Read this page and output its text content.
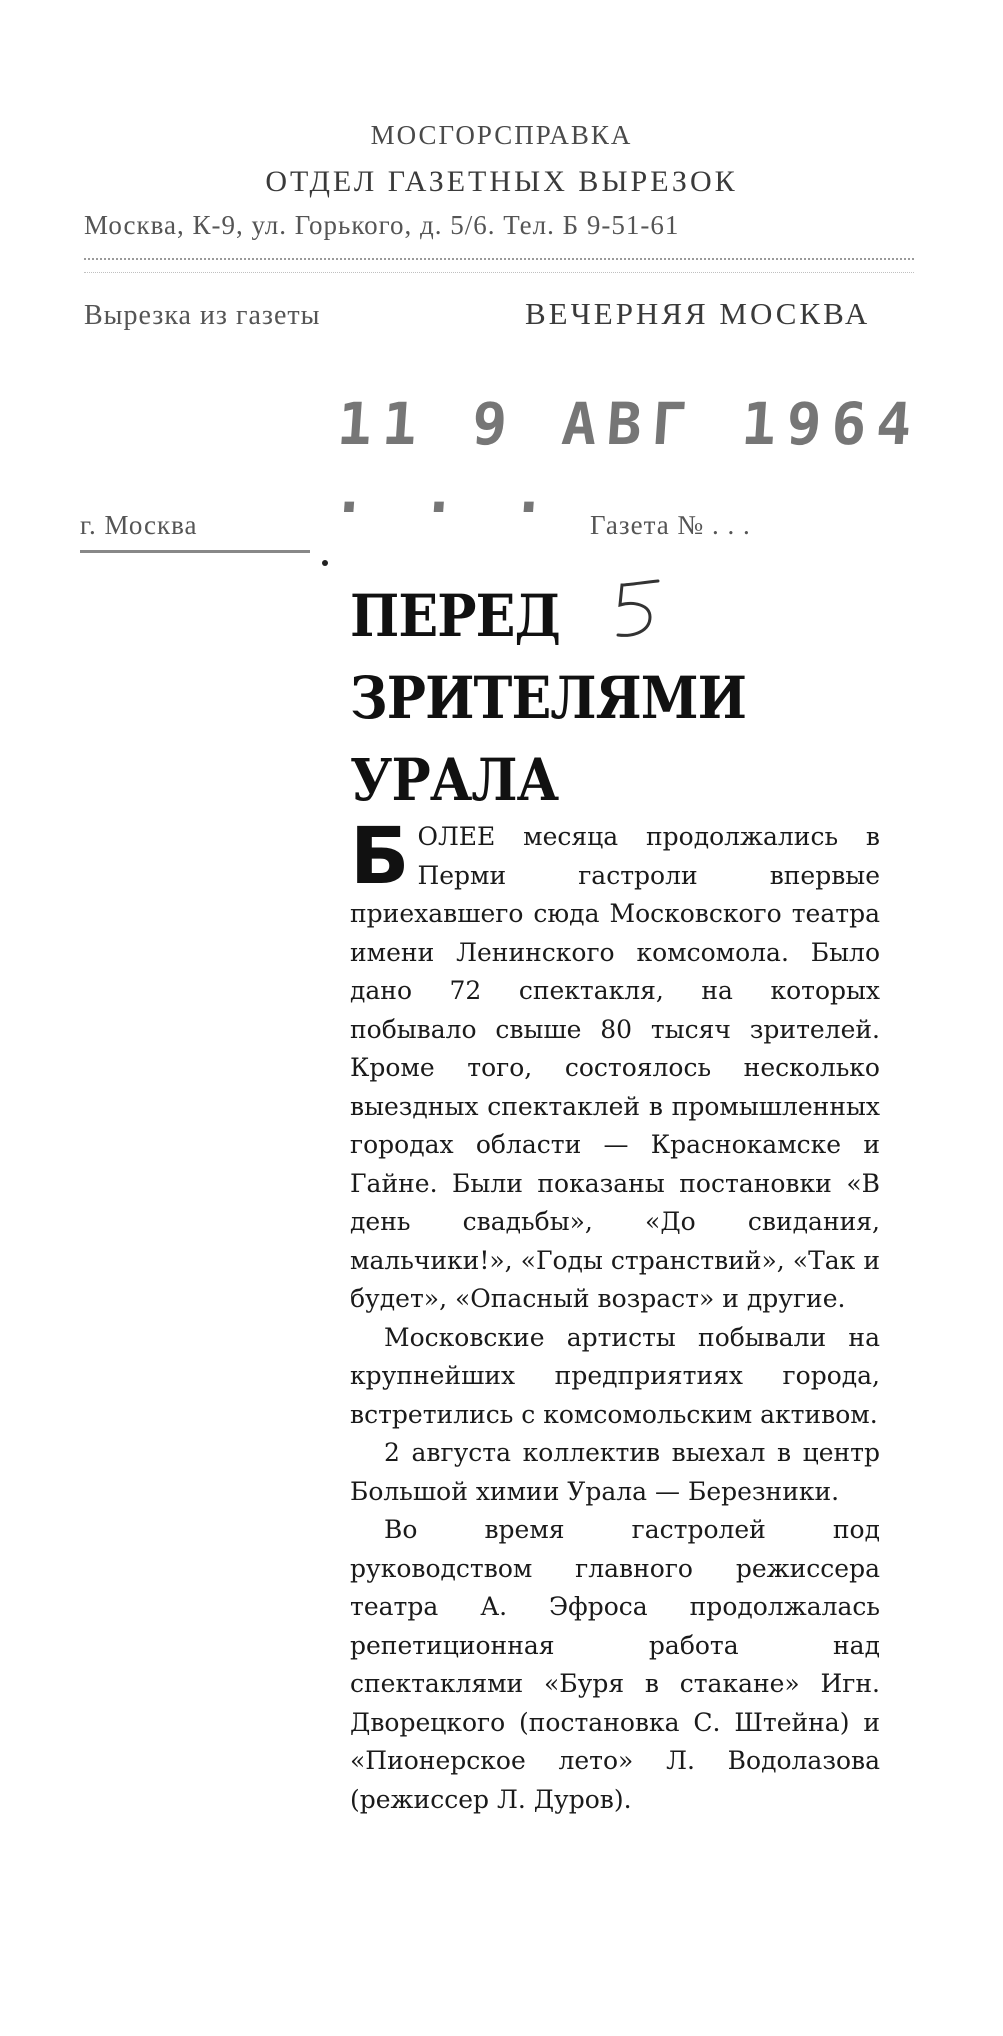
МОСГОРСПРАВКА
ОТДЕЛ ГАЗЕТНЫХ ВЫРЕЗОК
Москва, К-9, ул. Горького, д. 5/6. Тел. Б 9-51-61
Вырезка из газеты	ВЕЧЕРНЯЯ МОСКВА
11 9 АВГ 1964 . . .
г. Москва	Газета № . . .
ПЕРЕД ЗРИТЕЛЯМИ УРАЛА

БОЛЕЕ месяца продолжались в Перми гастроли впервые приехавшего сюда Московского театра имени Ленинского комсомола. Было дано 72 спектакля, на которых побывало свыше 80 тысяч зрителей. Кроме того, состоялось несколько выездных спектаклей в промышленных городах области — Краснокамске и Гайне. Были показаны постановки «В день свадьбы», «До свидания, мальчики!», «Годы странствий», «Так и будет», «Опасный возраст» и другие.

Московские артисты побывали на крупнейших предприятиях города, встретились с комсомольским активом.

2 августа коллектив выехал в центр Большой химии Урала — Березники.

Во время гастролей под руководством главного режиссера театра А. Эфроса продолжалась репетиционная работа над спектаклями «Буря в стакане» Игн. Дворецкого (постановка С. Штейна) и «Пионерское лето» Л. Водолазова (режиссер Л. Дуров).
